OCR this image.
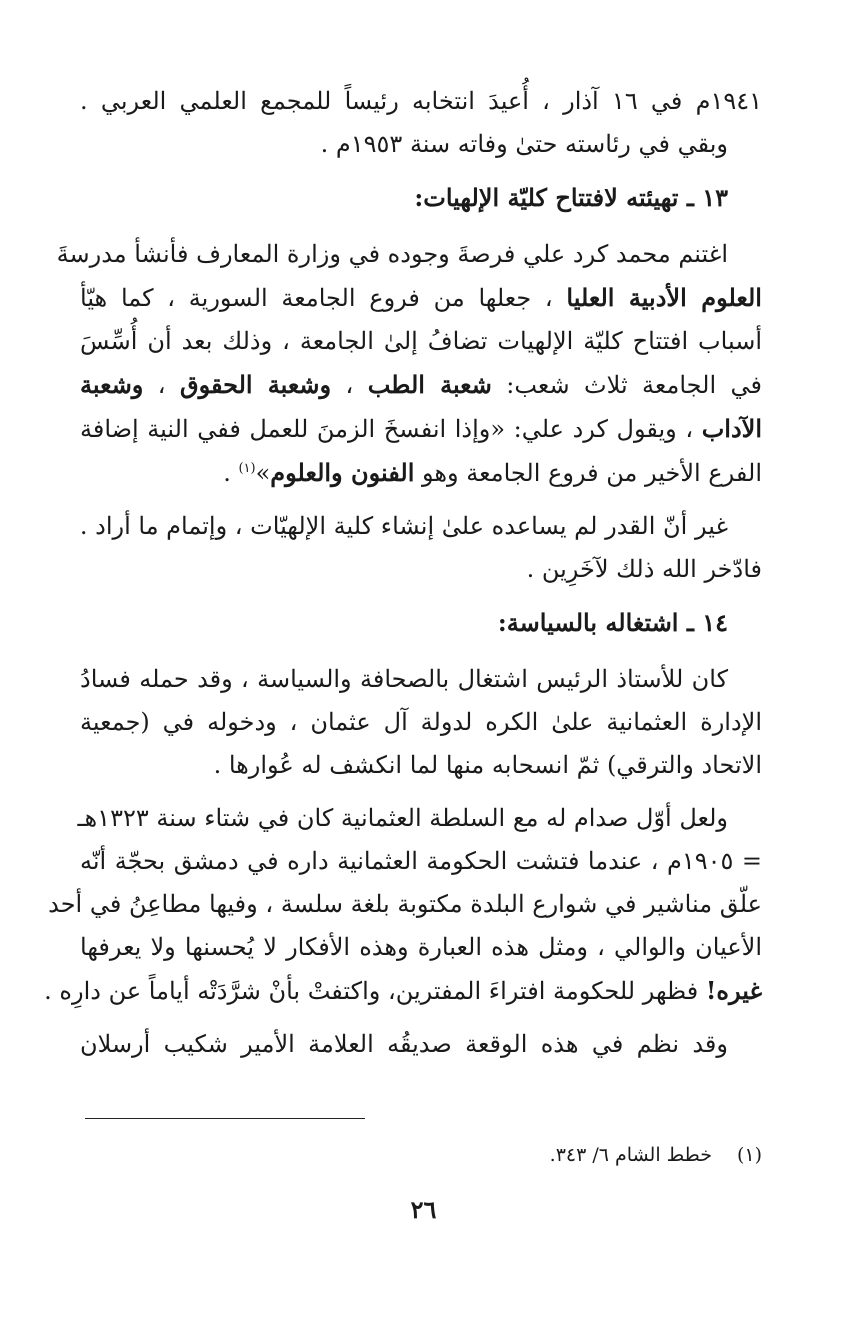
١٩٤١م في ١٦ آذار ، أُعيدَ انتخابه رئيساً للمجمع العلمي العربي .
وبقي في رئاسته حتىٰ وفاته سنة ١٩٥٣م .
١٣ ـ تهيئته لافتتاح كليّة الإلهيات:
اغتنم محمد كرد علي فرصةَ وجوده في وزارة المعارف فأنشأ مدرسةَ
العلوم الأدبية العليا ، جعلها من فروع الجامعة السورية ، كما هيّأ
أسباب افتتاح كليّة الإلهيات تضافُ إلىٰ الجامعة ، وذلك بعد أن أُسِّسَ
في الجامعة ثلاث شعب: شعبة الطب ، وشعبة الحقوق ، وشعبة
الآداب ، ويقول كرد علي: «وإذا انفسخَ الزمنَ للعمل ففي النية إضافة
الفرع الأخير من فروع الجامعة وهو الفنون والعلوم»$^{(١)}$ .
غير أنّ القدر لم يساعده علىٰ إنشاء كلية الإلهيّات ، وإتمام ما أراد .
فادّخر الله ذلك لآخَرِين .
١٤ ـ اشتغاله بالسياسة:
كان للأستاذ الرئيس اشتغال بالصحافة والسياسة ، وقد حمله فسادُ
الإدارة العثمانية علىٰ الكره لدولة آل عثمان ، ودخوله في (جمعية
الاتحاد والترقي) ثمّ انسحابه منها لما انكشف له عُوارها .
ولعل أوّل صدام له مع السلطة العثمانية كان في شتاء سنة ١٣٢٣هـ
= ١٩٠٥م ، عندما فتشت الحكومة العثمانية داره في دمشق بحجّة أنّه
علّق مناشير في شوارع البلدة مكتوبة بلغة سلسة ، وفيها مطاعِنُ في أحد
الأعيان والوالي ، ومثل هذه العبارة وهذه الأفكار لا يُحسنها ولا يعرفها
غيره! فظهر للحكومة افتراءَ المفترين، واكتفتْ بأنْ شرَّدَتْه أياماً عن دارِه .
وقد نظم في هذه الوقعة صديقُه العلامة الأمير شكيب أرسلان
(١)خطط الشام ٦/ ٣٤٣.
٢٦
